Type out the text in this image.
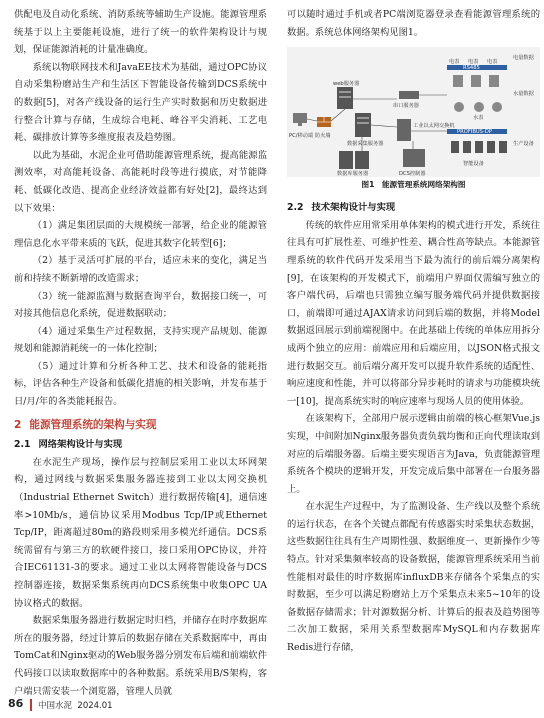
供配电及自动化系统、消防系统等辅助生产设施。能源管理系统基于以上主要能耗设施，进行了统一的软件架构设计与规划，保证能源消耗的计量准确度。

系统以物联网技术和JavaEE技术为基础，通过OPC协议自动采集粉磨站生产和生活区下智能设备传输到DCS系统中的数据[5]，对各产线设备的运行生产实时数据和历史数据进行整合计算与存储，生成综合电耗、峰谷平尖消耗、工艺电耗、碳排放计算等多维度报表及趋势图。

以此为基础，水泥企业可借助能源管理系统，提高能源监测效率，对高能耗设备、高能耗时段等进行摸底，对节能降耗、低碳化改造、提高企业经济效益都有好处[2]，最终达到以下效果：

（1）满足集团层面的大规模统一部署，给企业的能源管理信息化水平带来质的飞跃，促进其数字化转型[6]；

（2）基于灵活可扩展的平台，适应未来的变化，满足当前和持续不断新增的改造需求；

（3）统一能源监测与数据查询平台，数据接口统一，可对接其他信息化系统，促进数据联动；

（4）通过采集生产过程数据，支持实现产品规划、能源规划和能源消耗统一的一体化控制；

（5）通过计算和分析各种工艺、技术和设备的能耗指标，评估各种生产设备和低碳化措施的相关影响，并发布基于日/月/年的各类能耗报告。

2 能源管理系统的架构与实现
2.1 网络架构设计与实现

在水泥生产现场，操作层与控制层采用工业以太环网架构，通过网线与数据采集服务器连接到工业以太网交换机（Industrial Ethernet Switch）进行数据传输[4]，通信速率>10Mb/s，通信协议采用Modbus Tcp/IP或Ethernet Tcp/IP，距离超过80m的路段则采用多模光纤通信。DCS系统需留有与第三方的软硬件接口，接口采用OPC协议，并符合IEC61131-3的要求。通过工业以太网将智能设备与DCS控制器连接，数据采集系统再向DCS系统集中收集OPC UA协议格式的数据。

数据采集服务器进行数据定时归档，并储存在时序数据库所在的服务器，经过计算后的数据存储在关系数据库中，再由TomCat和Nginx驱动的Web服务器分别发布后端和前端软件代码接口以读取数据库中的各种数据。系统采用B/S架构，客户端只需安装一个浏览器，管理人员就

可以随时通过手机或者PC端浏览器登录查看能源管理系统的数据。系统总体网络架构见图1。

web服务器
PC/移动端 防火墙
数据采集服务器
数据库服务器
串口服务器
工业以太网交换机
DCS控制器
RS485
电表 电表 电表
电量数据
水表
水量数据
PROFIBUS-DP
生产设备
智能设备
图1　能源管理系统网络架构图
2.2 技术架构设计与实现

传统的软件应用常采用单体架构的模式进行开发，系统往往具有可扩展性差、可维护性差、耦合性高等缺点。本能源管理系统的软件代码开发采用当下最为流行的前后端分离架构[9]，在该架构的开发模式下，前端用户界面仅需编写独立的客户端代码，后端也只需独立编写服务端代码并提供数据接口，前端即可通过AJAX请求访问到后端的数据，并将Model数据返回展示到前端视图中。在此基础上传统的单体应用拆分成两个独立的应用：前端应用和后端应用，以JSON格式报文进行数据交互。前后端分离开发可以提升软件系统的适配性、响应速度和性能，并可以将部分异步耗时的请求与功能模块统一[10]，提高系统实时的响应速率与现场人员的使用体验。

在该架构下，全部用户展示逻辑由前端的核心框架Vue.js实现，中间附加Nginx服务器负责负载均衡和正向代理读取到对应的后端服务器。后端主要实现语言为Java，负责能源管理系统各个模块的逻辑开发，开发完成后集中部署在一台服务器上。

在水泥生产过程中，为了监测设备、生产线以及整个系统的运行状态，在各个关键点都配有传感器实时采集状态数据，这些数据往往具有生产周期性强、数据维度一、更新操作少等特点。针对采集频率较高的设备数据，能源管理系统采用当前性能相对最佳的时序数据库influxDB来存储各个采集点的实时数据，至少可以满足粉磨站上万个采集点未来5~10年的设备数据存储需求；针对源数据分析、计算后的报表及趋势图等二次加工数据，采用关系型数据库MySQL和内存数据库Redis进行存储，

86 中国水泥 2024.01
